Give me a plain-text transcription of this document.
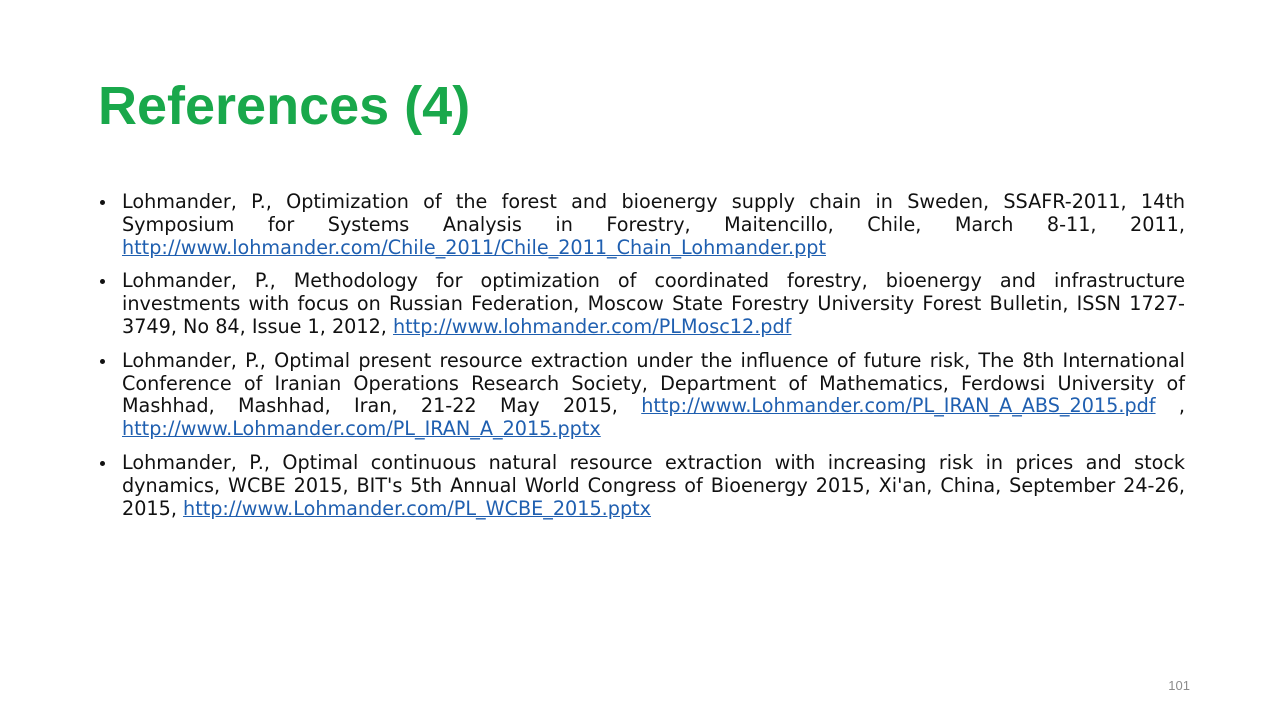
References (4)
Lohmander, P., Optimization of the forest and bioenergy supply chain in Sweden, SSAFR-2011, 14th Symposium for Systems Analysis in Forestry, Maitencillo, Chile, March 8-11, 2011, http://www.lohmander.com/Chile_2011/Chile_2011_Chain_Lohmander.ppt
Lohmander, P., Methodology for optimization of coordinated forestry, bioenergy and infrastructure investments with focus on Russian Federation, Moscow State Forestry University Forest Bulletin, ISSN 1727-3749, No 84, Issue 1, 2012, http://www.lohmander.com/PLMosc12.pdf
Lohmander, P., Optimal present resource extraction under the influence of future risk, The 8th International Conference of Iranian Operations Research Society, Department of Mathematics, Ferdowsi University of Mashhad, Mashhad, Iran, 21-22 May 2015, http://www.Lohmander.com/PL_IRAN_A_ABS_2015.pdf , http://www.Lohmander.com/PL_IRAN_A_2015.pptx
Lohmander, P., Optimal continuous natural resource extraction with increasing risk in prices and stock dynamics, WCBE 2015, BIT's 5th Annual World Congress of Bioenergy 2015, Xi'an, China, September 24-26, 2015, http://www.Lohmander.com/PL_WCBE_2015.pptx
101
